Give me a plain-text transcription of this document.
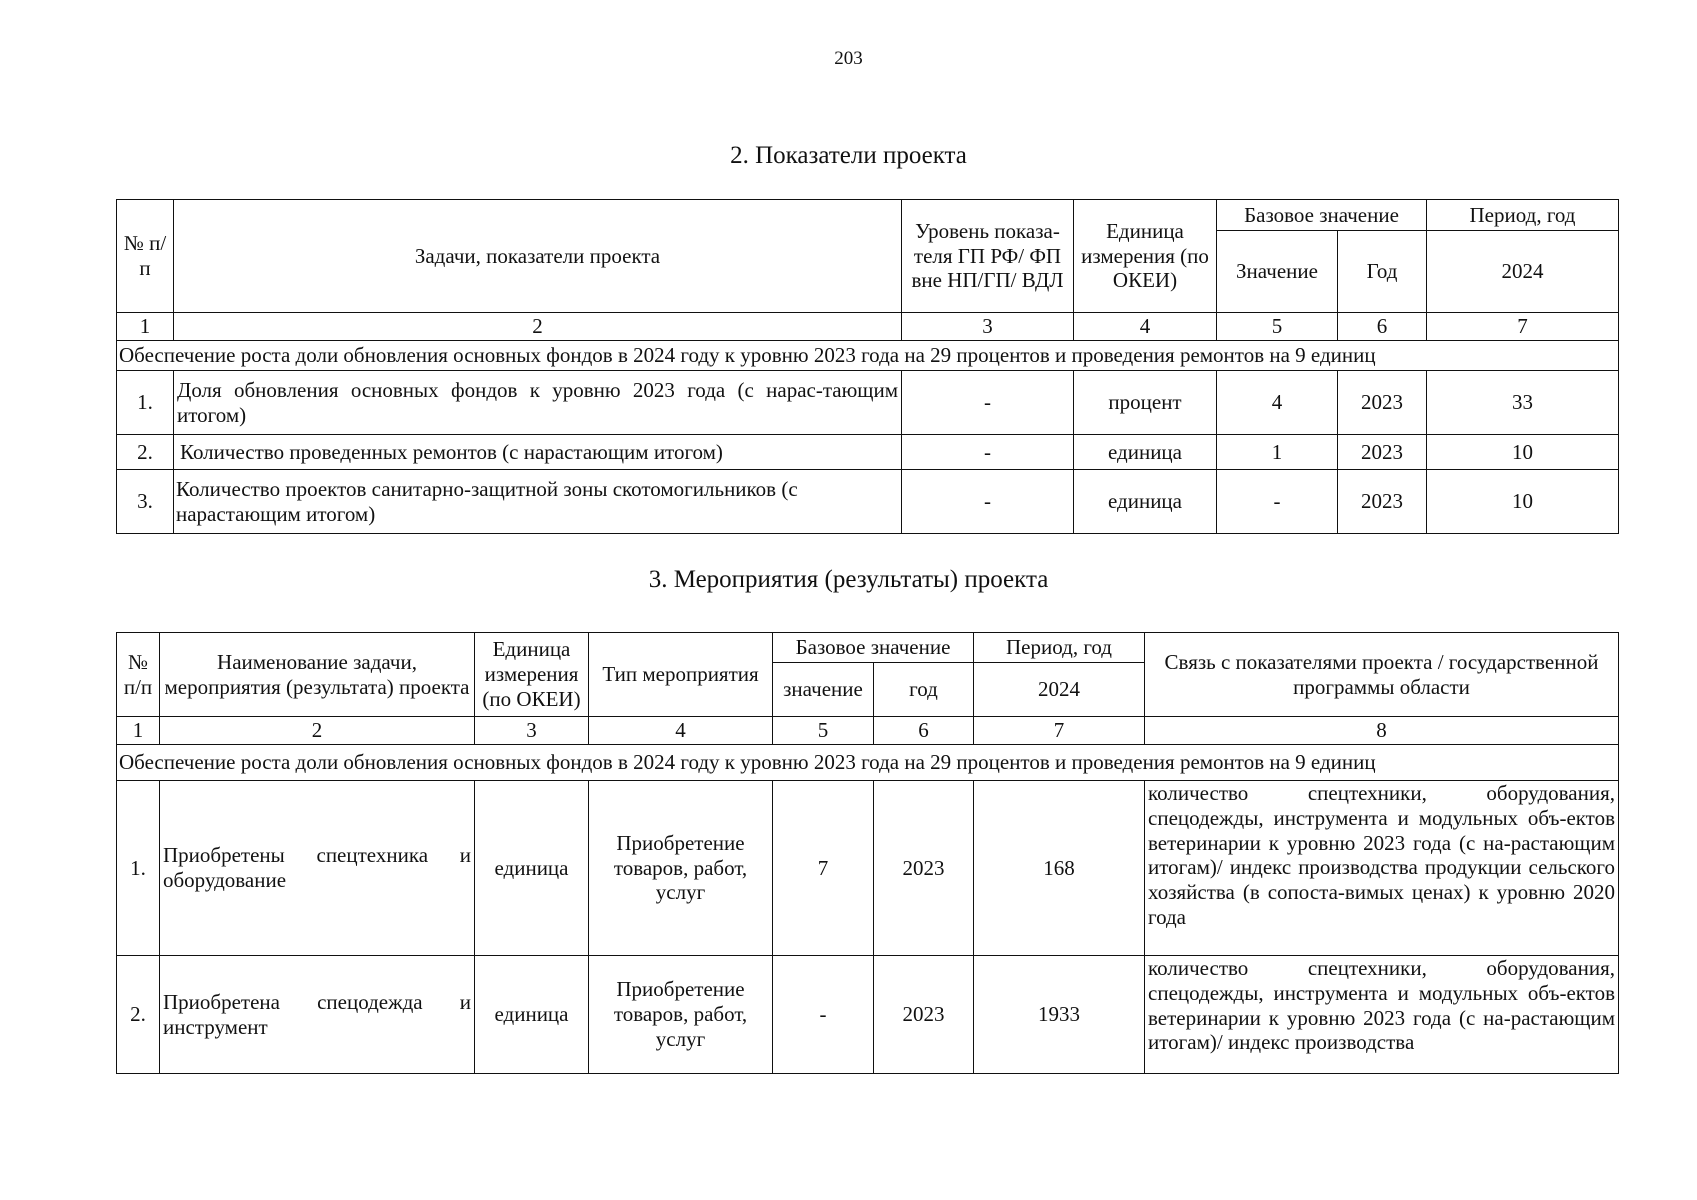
203
2. Показатели проекта
№ п/п	Задачи, показатели проекта	Уровень показа-теля ГП РФ/ ФП вне НП/ГП/ ВДЛ	Единица измерения (по ОКЕИ)	Базовое значение		Период, год
				Значение	Год	2024
1	2	3	4	5	6	7
Обеспечение роста доли обновления основных фондов в 2024 году к уровню 2023 года на 29 процентов и проведения ремонтов на 9 единиц						
1.	Доля обновления основных фондов к уровню 2023 года (с нарас-тающим итогом)	-	процент	4	2023	33
2.	Количество проведенных ремонтов (с нарастающим итогом)	-	единица	1	2023	10
3.	Количество проектов санитарно-защитной зоны скотомогильников (с нарастающим итогом)	-	единица	-	2023	10
3. Мероприятия (результаты) проекта
№ п/п	Наименование задачи, мероприятия (результата) проекта	Единица измерения (по ОКЕИ)	Тип мероприятия	Базовое значение		Период, год	Связь с показателями проекта / государственной программы области
				значение	год	2024	
1	2	3	4	5	6	7	8
Обеспечение роста доли обновления основных фондов в 2024 году к уровню 2023 года на 29 процентов и проведения ремонтов на 9 единиц							
1.	Приобретены спецтехника и оборудование	единица	Приобретение товаров, работ, услуг	7	2023	168	количество спецтехники, оборудования, спецодежды, инструмента и модульных объ-ектов ветеринарии к уровню 2023 года (с на-растающим итогам)/ индекс производства продукции сельского хозяйства (в сопоста-вимых ценах) к уровню 2020 года
2.	Приобретена спецодежда и инструмент	единица	Приобретение товаров, работ, услуг	-	2023	1933	количество спецтехники, оборудования, спецодежды, инструмента и модульных объ-ектов ветеринарии к уровню 2023 года (с на-растающим итогам)/ индекс производства
